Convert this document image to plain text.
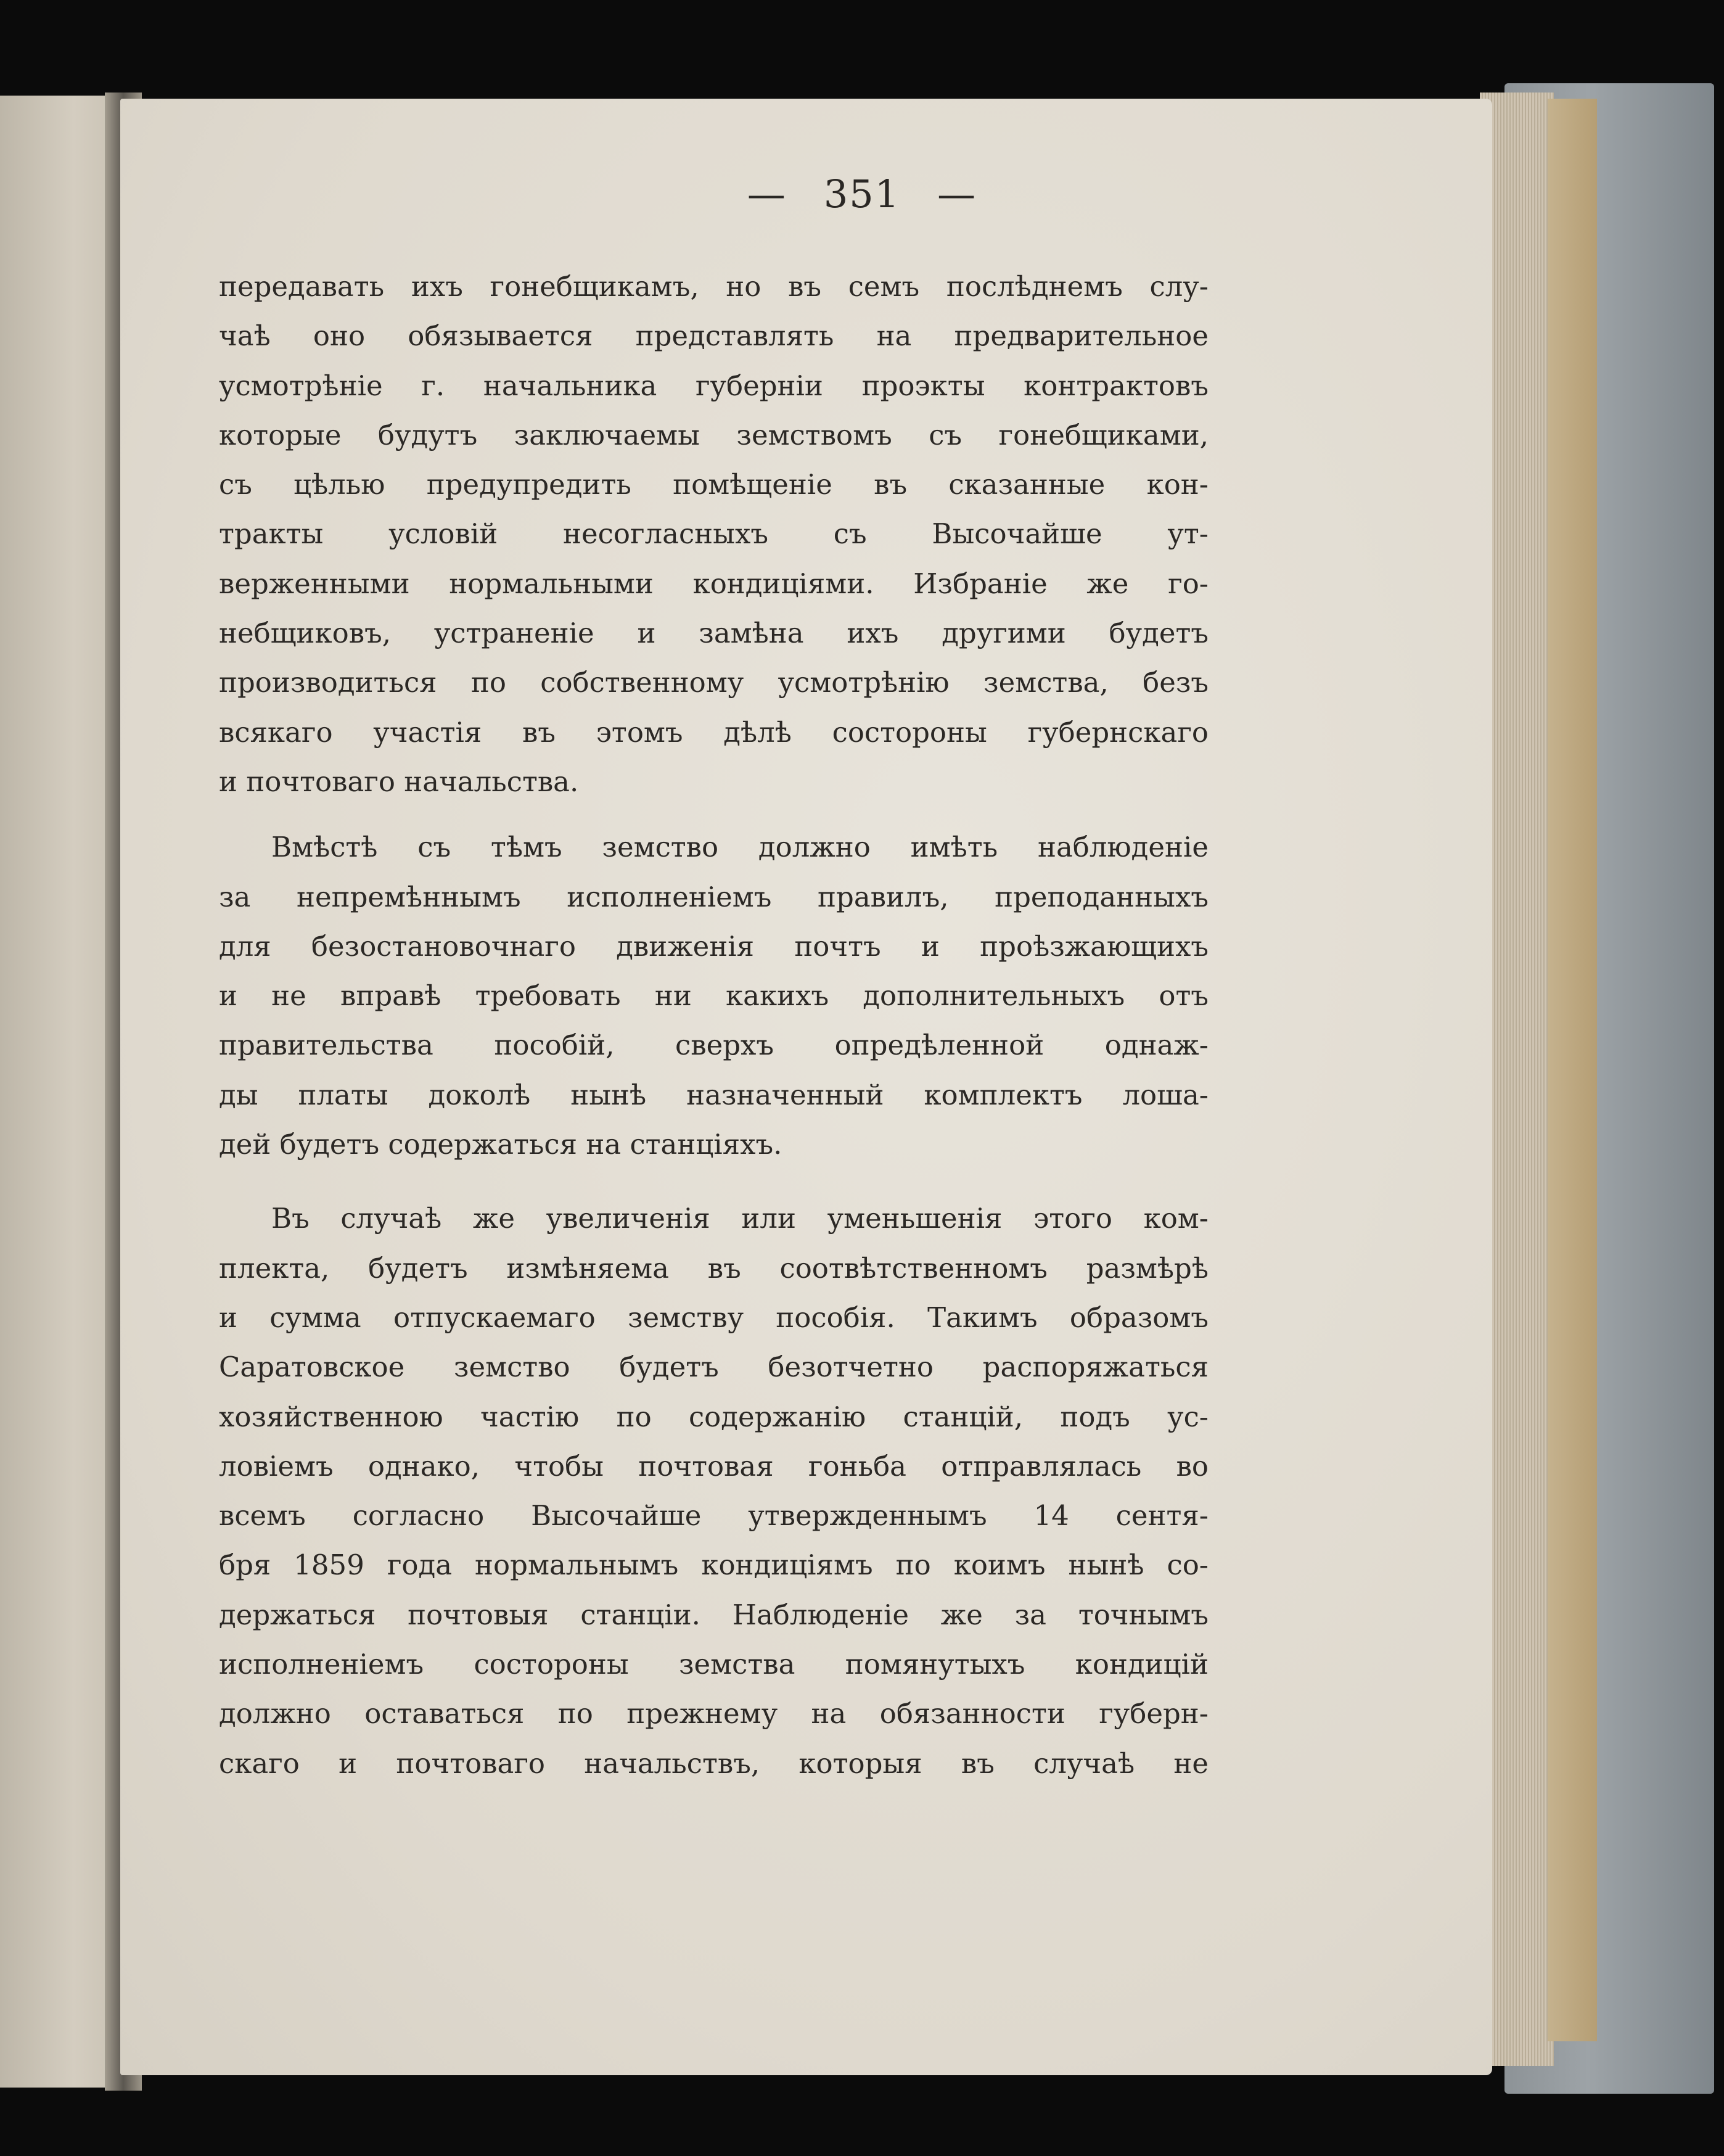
— 351 —

передавать ихъ гонебщикамъ, но въ семъ послѣднемъ слу-
чаѣ оно обязывается представлять на предварительное
усмотрѣніе г. начальника губерніи проэкты контрактовъ
которые будутъ заключаемы земствомъ съ гонебщиками,
съ цѣлью предупредить помѣщеніе въ сказанные кон-
тракты условій несогласныхъ съ Высочайше ут-
верженными нормальными кондиціями. Избраніе же го-
небщиковъ, устраненіе и замѣна ихъ другими будетъ
производиться по собственному усмотрѣнію земства, безъ
всякаго участія въ этомъ дѣлѣ состороны губернскаго
и почтоваго начальства.

Вмѣстѣ съ тѣмъ земство должно имѣть наблюденіе
за непремѣннымъ исполненіемъ правилъ, преподанныхъ
для безостановочнаго движенія почтъ и проѣзжающихъ
и не вправѣ требовать ни какихъ дополнительныхъ отъ
правительства пособій, сверхъ опредѣленной однаж-
ды платы доколѣ нынѣ назначенный комплектъ лоша-
дей будетъ содержаться на станціяхъ.

Въ случаѣ же увеличенія или уменьшенія этого ком-
плекта, будетъ измѣняема въ соотвѣтственномъ размѣрѣ
и сумма отпускаемаго земству пособія. Такимъ образомъ
Саратовское земство будетъ безотчетно распоряжаться
хозяйственною частію по содержанію станцій, подъ ус-
ловіемъ однако, чтобы почтовая гоньба отправлялась во
всемъ согласно Высочайше утвержденнымъ 14 сентя-
бря 1859 года нормальнымъ кондиціямъ по коимъ нынѣ со-
держаться почтовыя станціи. Наблюденіе же за точнымъ
исполненіемъ состороны земства помянутыхъ кондицій
должно оставаться по прежнему на обязанности губерн-
скаго и почтоваго начальствъ, которыя въ случаѣ не
